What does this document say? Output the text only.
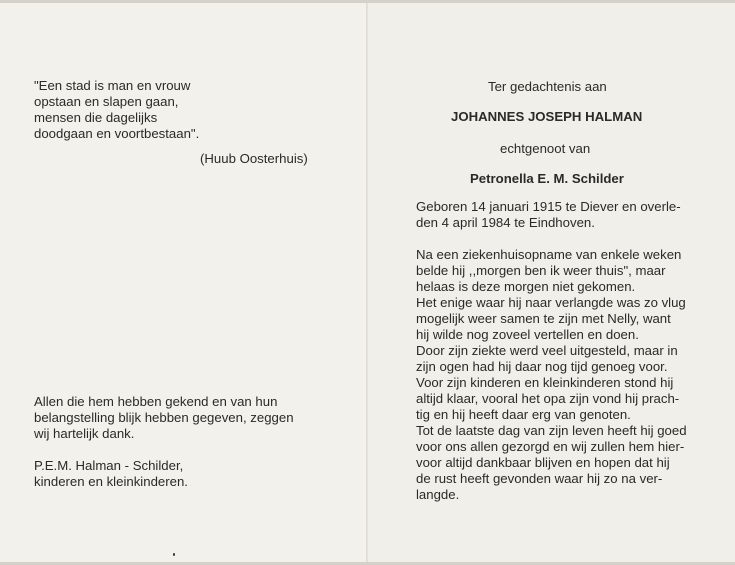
"Een stad is man en vrouw
opstaan en slapen gaan,
mensen die dagelijks
doodgaan en voortbestaan".
(Huub Oosterhuis)
Allen die hem hebben gekend en van hun
belangstelling blijk hebben gegeven, zeggen
wij hartelijk dank.
P.E.M. Halman - Schilder,
kinderen en kleinkinderen.
Ter gedachtenis aan
JOHANNES JOSEPH HALMAN
echtgenoot van
Petronella E. M. Schilder
Geboren 14 januari 1915 te Diever en overle-
den 4 april 1984 te Eindhoven.
Na een ziekenhuisopname van enkele weken
belde hij ,,morgen ben ik weer thuis", maar
helaas is deze morgen niet gekomen.
Het enige waar hij naar verlangde was zo vlug
mogelijk weer samen te zijn met Nelly, want
hij wilde nog zoveel vertellen en doen.
Door zijn ziekte werd veel uitgesteld, maar in
zijn ogen had hij daar nog tijd genoeg voor.
Voor zijn kinderen en kleinkinderen stond hij
altijd klaar, vooral het opa zijn vond hij prach-
tig en hij heeft daar erg van genoten.
Tot de laatste dag van zijn leven heeft hij goed
voor ons allen gezorgd en wij zullen hem hier-
voor altijd dankbaar blijven en hopen dat hij
de rust heeft gevonden waar hij zo na ver-
langde.
